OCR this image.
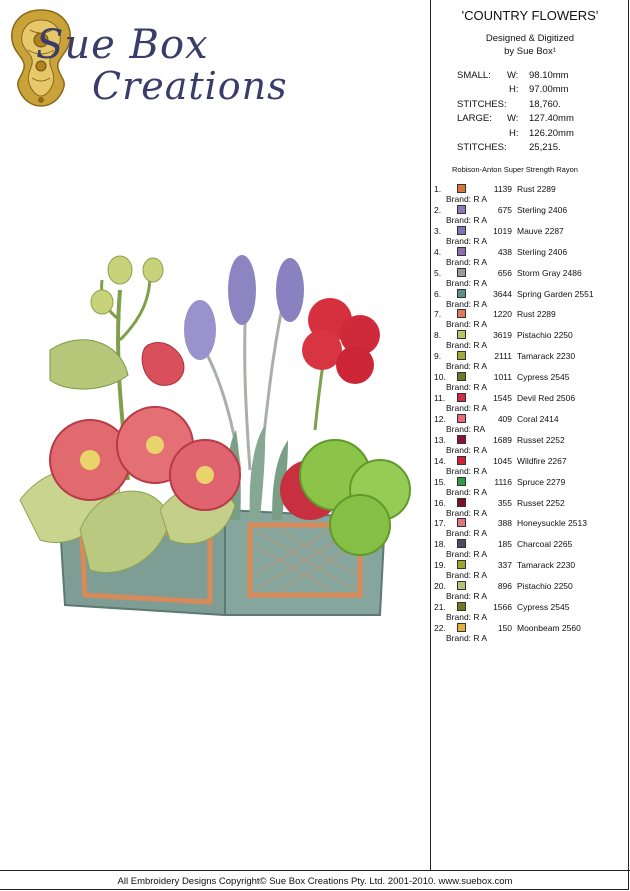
Sue Box
Creations
'COUNTRY FLOWERS'
Designed & Digitized
by Sue Box¹
SMALL: W: 98.10mm
H: 97.00mm
STITCHES: 18,760.
LARGE: W: 127.40mm
H: 126.20mm
STITCHES: 25,215.
Robison-Anton Super Strength Rayon
1.	1139 Rust 2289
Brand: R A
2.	675 Sterling 2406
Brand: R A
3.	1019 Mauve 2287
Brand: R A
4.	438 Sterling 2406
Brand: R A
5.	656 Storm Gray 2486
Brand: R A
6.	3644 Spring Garden 2551
Brand: R A
7.	1220 Rust 2289
Brand: R A
8.	3619 Pistachio 2250
Brand: R A
9.	2111 Tamarack 2230
Brand: R A
10.	1011 Cypress 2545
Brand: R A
11.	1545 Devil Red 2506
Brand: R A
12.	409 Coral 2414
Brand: RA
13.	1689 Russet 2252
Brand: R A
14.	1045 Wildfire 2267
Brand: R A
15.	1116 Spruce 2279
Brand: R A
16.	355 Russet 2252
Brand: R A
17.	388 Honeysuckle 2513
Brand: R A
18.	185 Charcoal 2265
Brand: R A
19.	337 Tamarack 2230
Brand: R A
20.	896 Pistachio 2250
Brand: R A
21.	1566 Cypress 2545
Brand: R A
22.	150 Moonbeam 2560
Brand: R A
All Embroidery Designs Copyright© Sue Box Creations Pty. Ltd. 2001-2010. www.suebox.com
